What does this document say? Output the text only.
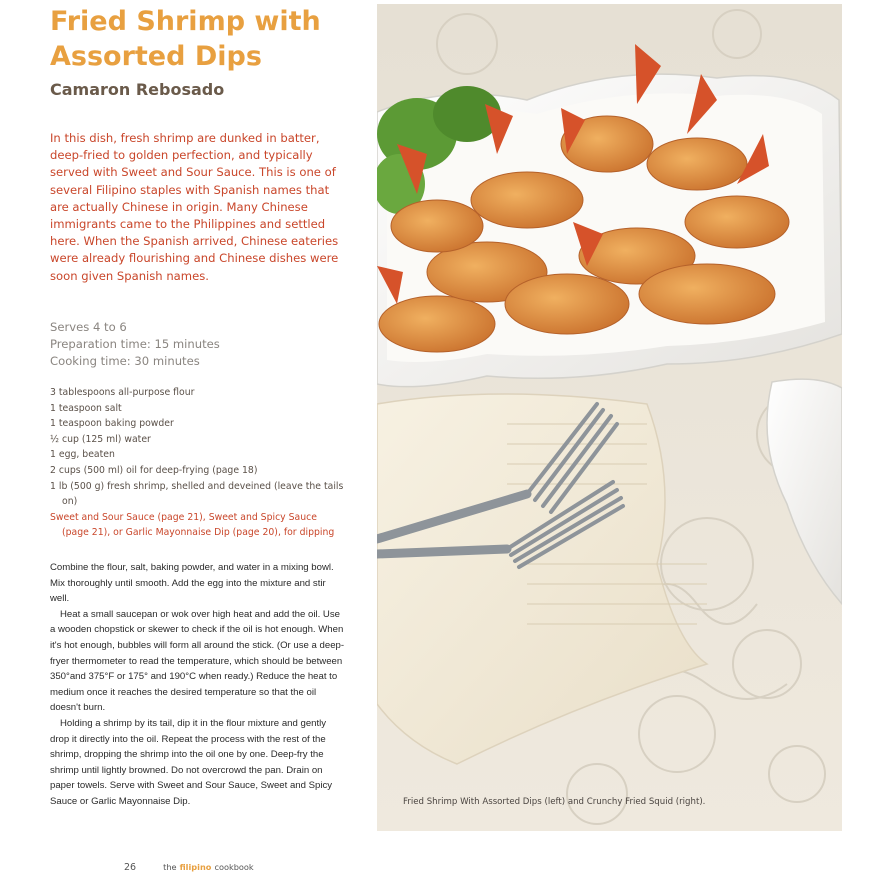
Fried Shrimp with Assorted Dips
Camaron Rebosado

In this dish, fresh shrimp are dunked in batter, deep-fried to golden perfection, and typically served with Sweet and Sour Sauce. This is one of several Filipino staples with Spanish names that are actually Chinese in origin. Many Chinese immigrants came to the Philippines and settled here. When the Spanish arrived, Chinese eateries were already flourishing and Chinese dishes were soon given Spanish names.

Serves 4 to 6
Preparation time: 15 minutes
Cooking time: 30 minutes
3 tablespoons all-purpose flour
1 teaspoon salt
1 teaspoon baking powder
½ cup (125 ml) water
1 egg, beaten
2 cups (500 ml) oil for deep-frying (page 18)
1 lb (500 g) fresh shrimp, shelled and deveined (leave the tails on)
Sweet and Sour Sauce (page 21), Sweet and Spicy Sauce (page 21), or Garlic Mayonnaise Dip (page 20), for dipping

Combine the flour, salt, baking powder, and water in a mixing bowl. Mix thoroughly until smooth. Add the egg into the mixture and stir well.

Heat a small saucepan or wok over high heat and add the oil. Use a wooden chopstick or skewer to check if the oil is hot enough. When it's hot enough, bubbles will form all around the stick. (Or use a deep-fryer thermometer to read the temperature, which should be between 350°and 375°F or 175° and 190°C when ready.) Reduce the heat to medium once it reaches the desired temperature so that the oil doesn't burn.

Holding a shrimp by its tail, dip it in the flour mixture and gently drop it directly into the oil. Repeat the process with the rest of the shrimp, dropping the shrimp into the oil one by one. Deep-fry the shrimp until lightly browned. Do not overcrowd the pan. Drain on paper towels. Serve with Sweet and Sour Sauce, Sweet and Spicy Sauce or Garlic Mayonnaise Dip.	Fried Shrimp With Assorted Dips (left) and Crunchy Fried Squid (right).
26	the filipino cookbook
